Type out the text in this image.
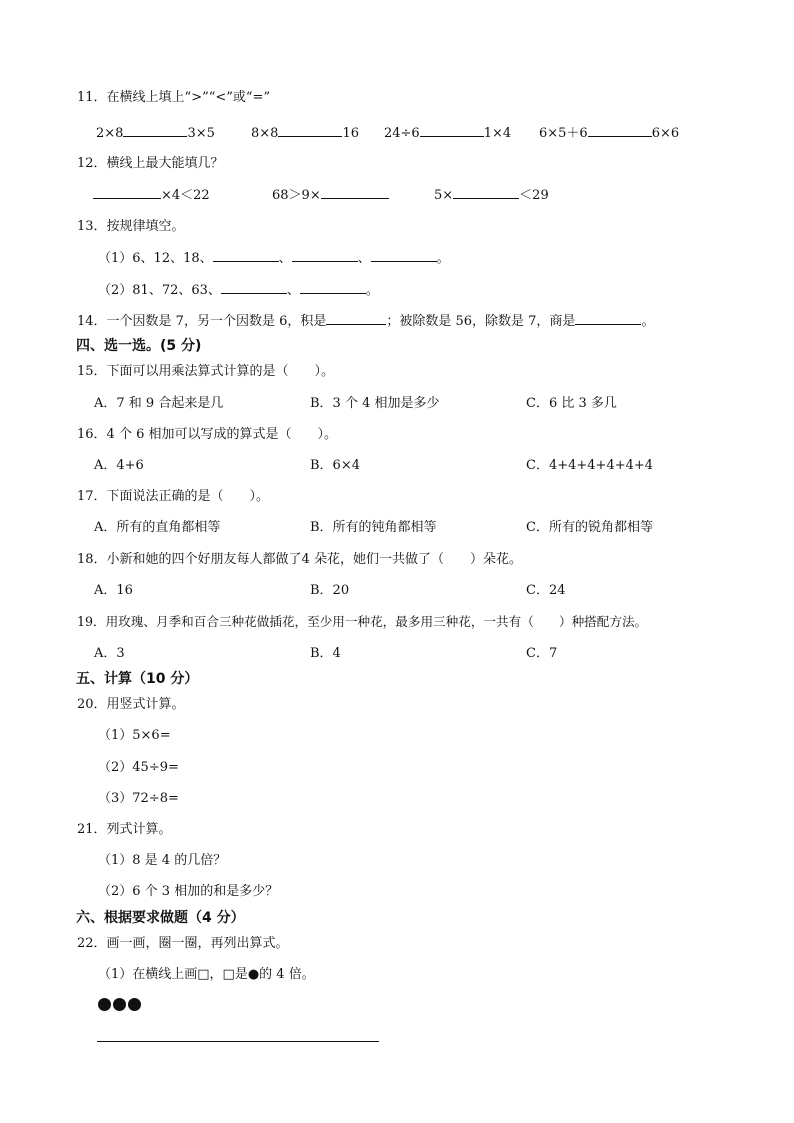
11．在横线上填上“>”“<”或“=”
2×8	3×5	8×8	16 24÷6	1×4 6×5＋6	6×6
12．横线上最大能填几？
×4＜22	68＞9×	5×	＜29
13．按规律填空。
（1）6、12、18、	、	、	。
（2）81、72、63、	、	。
14．一个因数是 7，另一个因数是 6，积是	；被除数是 56，除数是 7，商是	。
四、选一选。(5 分)
15．下面可以用乘法算式计算的是（　　）。
A．7 和 9 合起来是几	B．3 个 4 相加是多少	C．6 比 3 多几
16．4 个 6 相加可以写成的算式是（　　）。
A．4+6	B．6×4	C．4+4+4+4+4+4
17．下面说法正确的是（　　）。
A．所有的直角都相等	B．所有的钝角都相等	C．所有的锐角都相等
18．小新和她的四个好朋友每人都做了4 朵花，她们一共做了（　　）朵花。
A．16	B．20	C．24
19．用玫瑰、月季和百合三种花做插花，至少用一种花，最多用三种花，一共有（　　）种搭配方法。
A．3	B．4	C．7
五、计算（10 分）
20．用竖式计算。
（1）5×6=
（2）45÷9=
（3）72÷8=
21．列式计算。
（1）8 是 4 的几倍？
（2）6 个 3 相加的和是多少？
六、根据要求做题（4 分）
22．画一画，圈一圈，再列出算式。
（1）在横线上画□，□是●的 4 倍。
